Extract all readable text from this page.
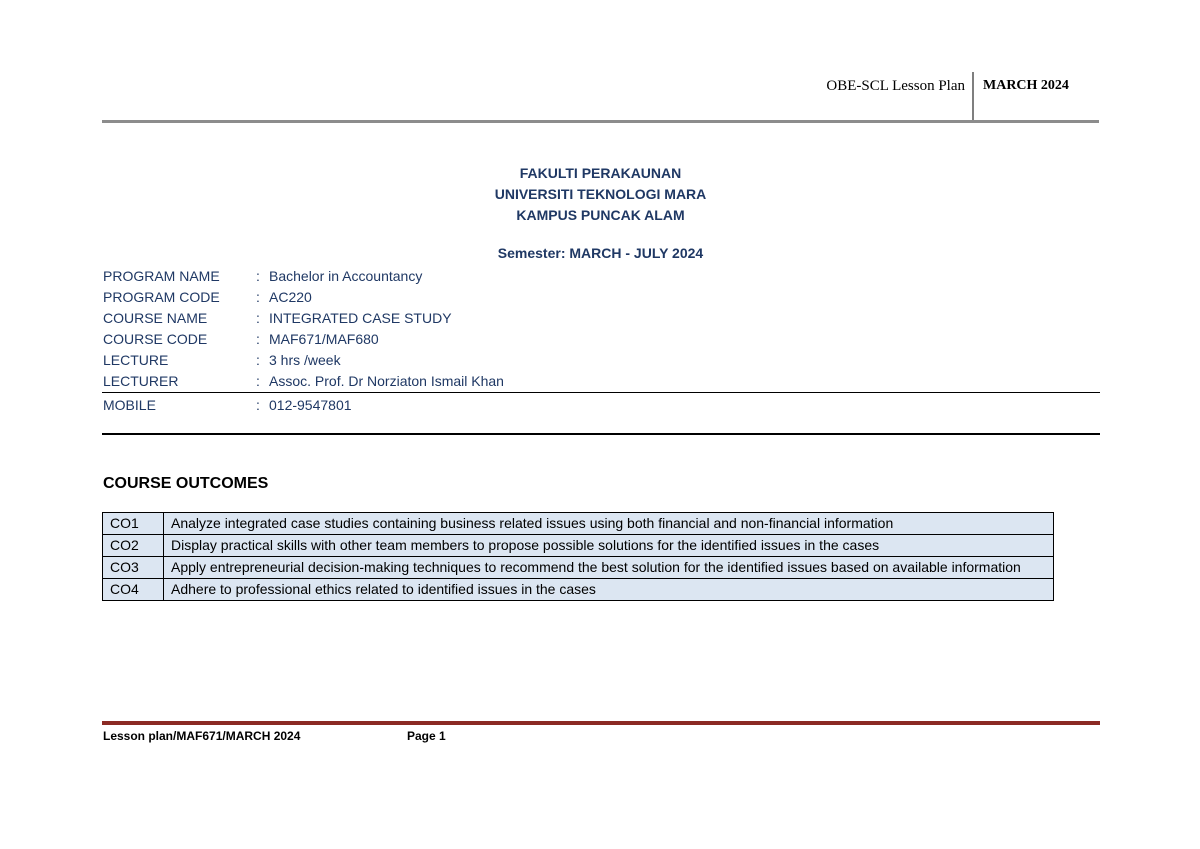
OBE-SCL Lesson Plan MARCH 2024
FAKULTI PERAKAUNAN
UNIVERSITI TEKNOLOGI MARA
KAMPUS PUNCAK ALAM
Semester: MARCH - JULY 2024
PROGRAM NAME	: Bachelor in Accountancy
PROGRAM CODE	: AC220
COURSE NAME	: INTEGRATED CASE STUDY
COURSE CODE	: MAF671/MAF680
LECTURE	: 3 hrs /week
LECTURER	: Assoc. Prof. Dr Norziaton Ismail Khan
MOBILE	: 012-9547801
COURSE OUTCOMES
CO1	Analyze integrated case studies containing business related issues using both financial and non-financial information
CO2	Display practical skills with other team members to propose possible solutions for the identified issues in the cases
CO3	Apply entrepreneurial decision-making techniques to recommend the best solution for the identified issues based on available information
CO4	Adhere to professional ethics related to identified issues in the cases
Lesson plan/MAF671/MARCH 2024	Page 1
